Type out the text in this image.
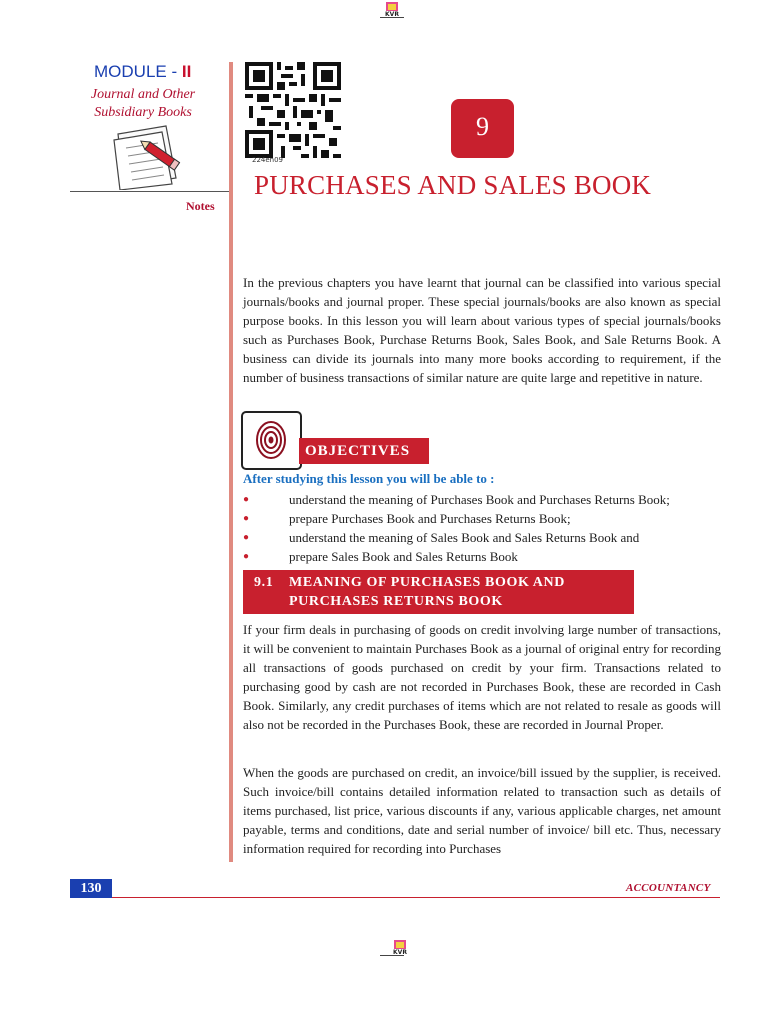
KVR
MODULE - II
Journal and Other Subsidiary Books
Notes
224en09
9
PURCHASES AND SALES BOOK
In the previous chapters you have learnt that journal can be classified into various special journals/books and journal proper. These special journals/books are also known as special purpose books. In this lesson you will learn about various types of special journals/books such as Purchases Book, Purchase Returns Book, Sales Book, and Sale Returns Book. A business can divide its journals into many more books according to requirement, if the number of business transactions of similar nature are quite large and repetitive in nature.
OBJECTIVES
After studying this lesson you will be able to :
●	understand the meaning of Purchases Book and Purchases Returns Book;
●	prepare Purchases Book and Purchases Returns Book;
●	understand the meaning of Sales Book and Sales Returns Book and
●	prepare Sales Book and Sales Returns Book
9.1 MEANING OF PURCHASES BOOK AND
PURCHASES RETURNS BOOK
If your firm deals in purchasing of goods on credit involving large number of transactions, it will be convenient to maintain Purchases Book as a journal of original entry for recording all transactions of goods purchased on credit by your firm. Transactions related to purchasing good by cash are not recorded in Purchases Book, these are recorded in Cash Book. Similarly, any credit purchases of items which are not related to resale as goods will also not be recorded in the Purchases Book, these are recorded in Journal Proper.
When the goods are purchased on credit, an invoice/bill issued by the supplier, is received. Such invoice/bill contains detailed information related to transaction such as details of items purchased, list price, various discounts if any, various applicable charges, net amount payable, terms and conditions, date and serial number of invoice/ bill etc. Thus, necessary information required for recording into Purchases
130	ACCOUNTANCY
KVR
